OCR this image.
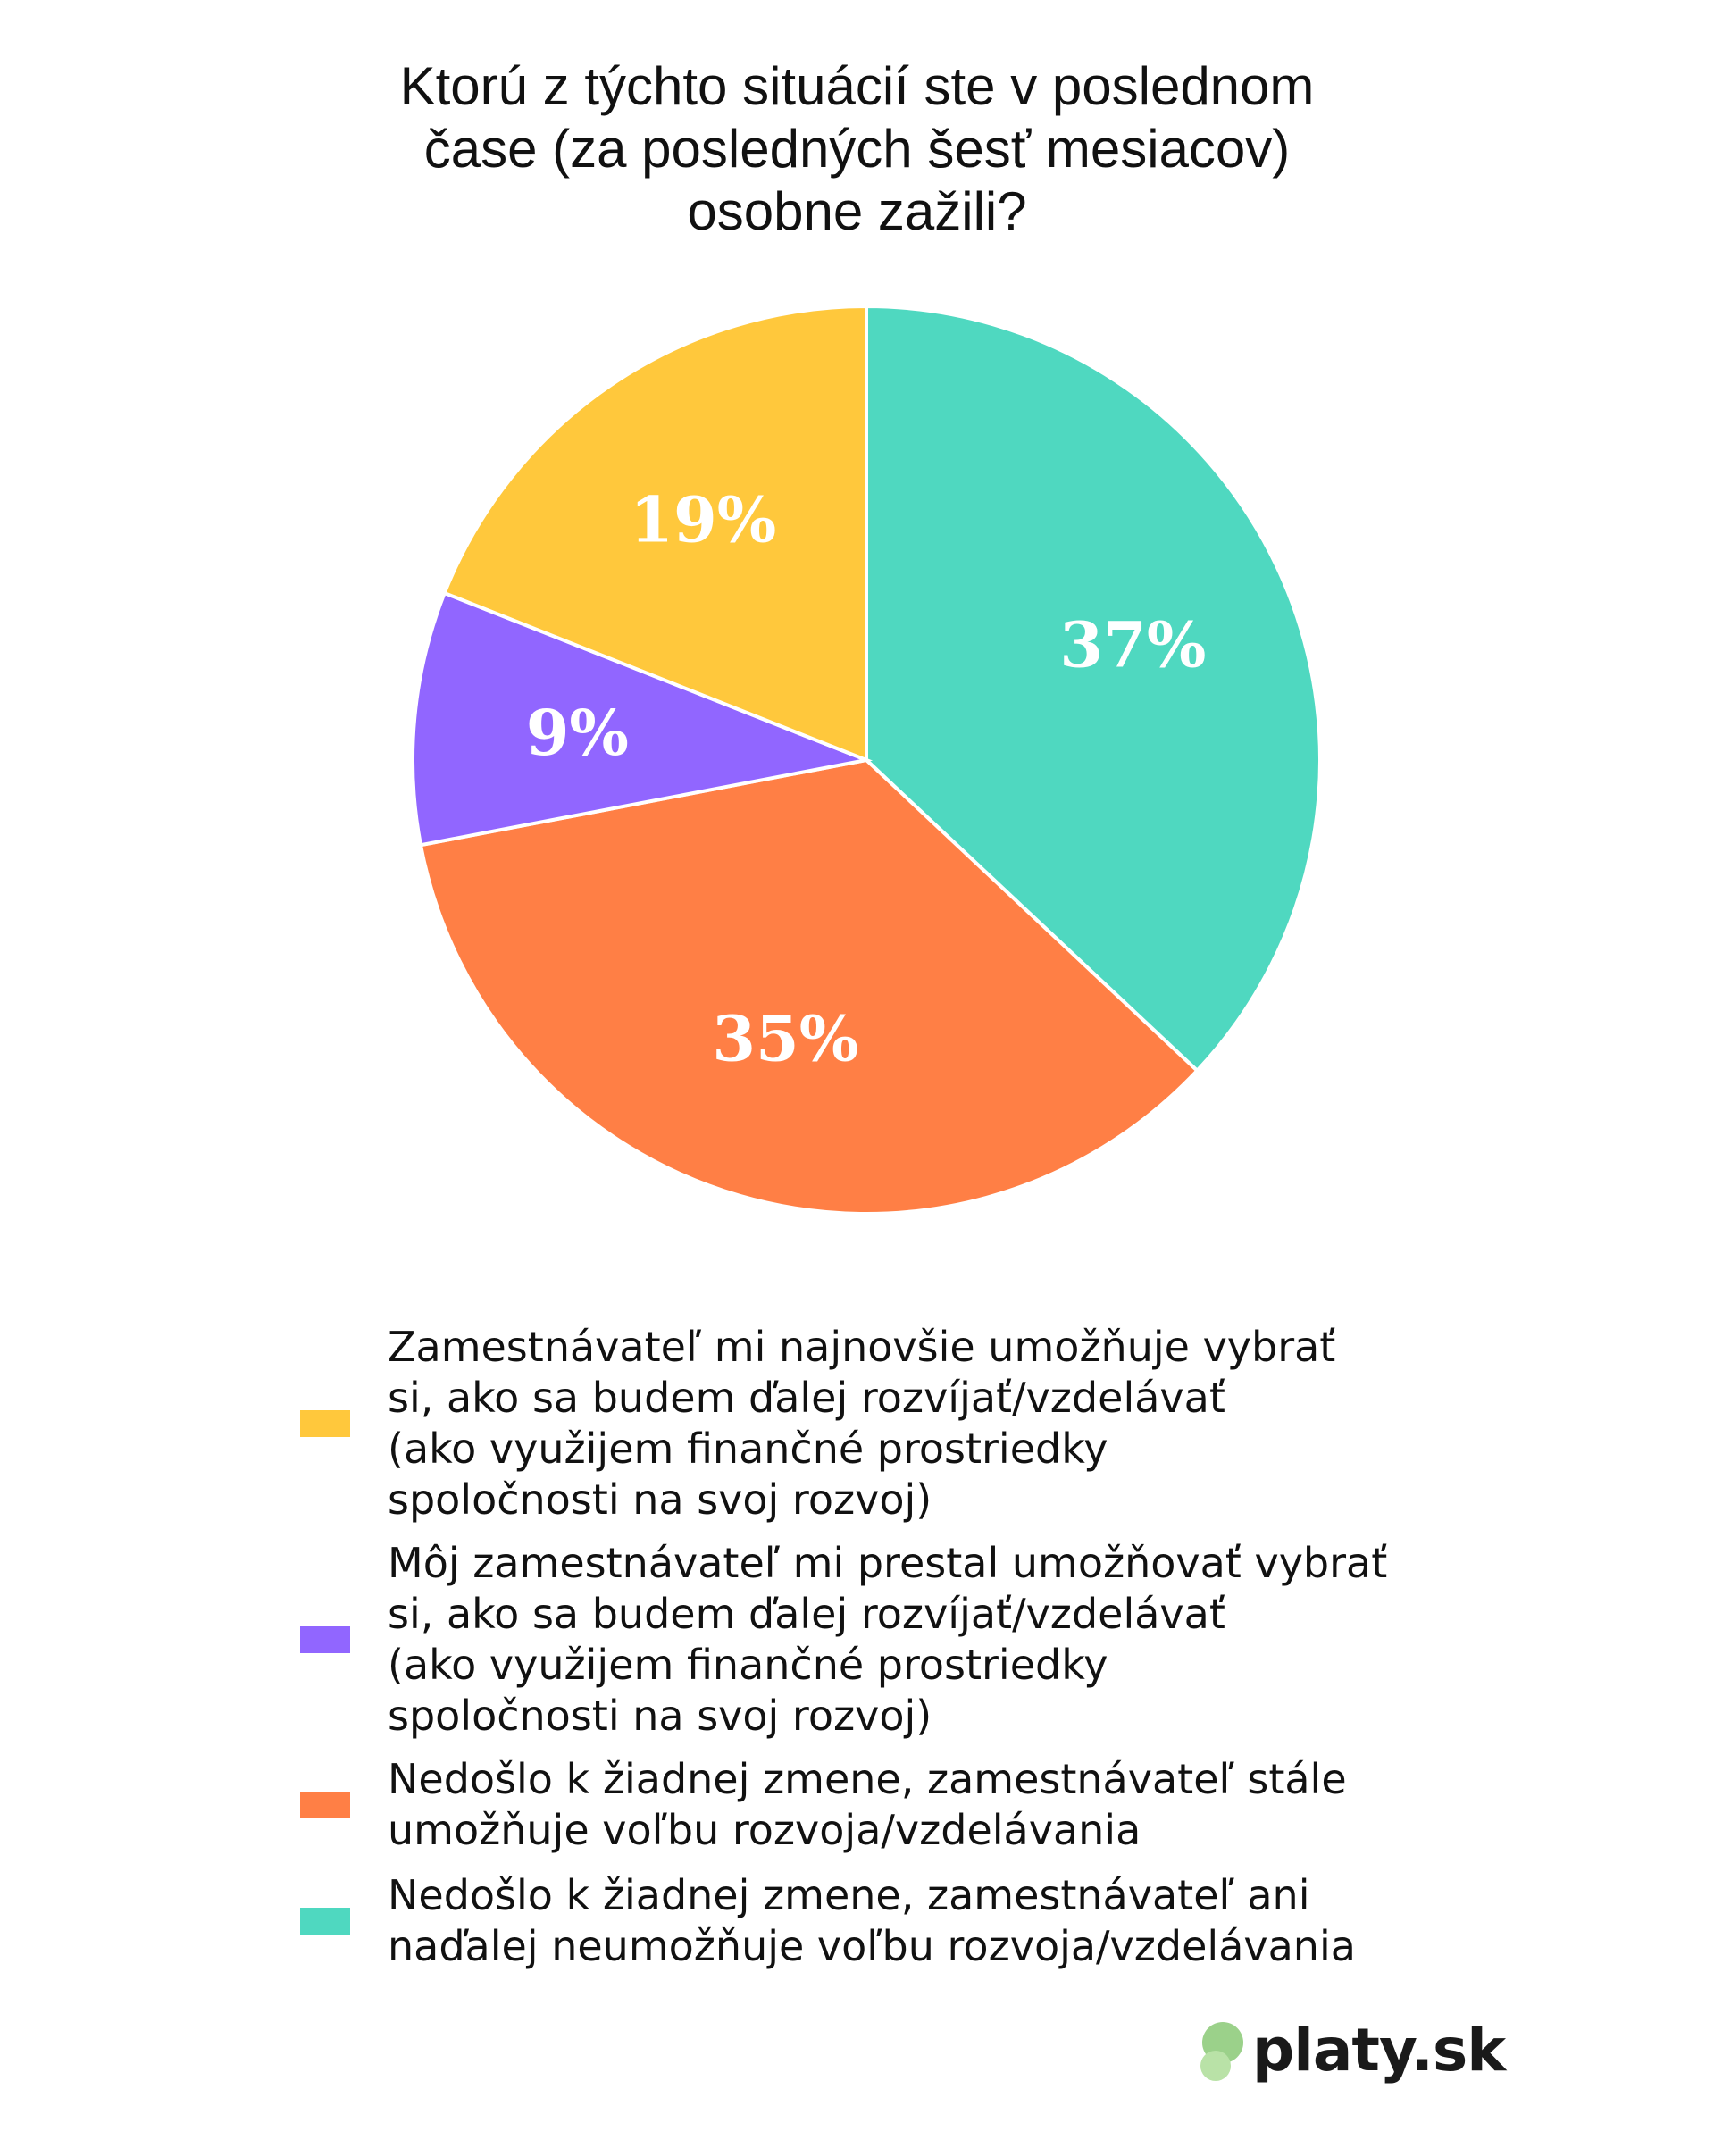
Ktorú z týchto situácií ste v poslednom
čase (za posledných šesť mesiacov)
osobne zažili?
37%
35%
9%
19%
Zamestnávateľ mi najnovšie umožňuje vybrať
si, ako sa budem ďalej rozvíjať/vzdelávať
(ako využijem finančné prostriedky
spoločnosti na svoj rozvoj)
Môj zamestnávateľ mi prestal umožňovať vybrať
si, ako sa budem ďalej rozvíjať/vzdelávať
(ako využijem finančné prostriedky
spoločnosti na svoj rozvoj)
Nedošlo k žiadnej zmene, zamestnávateľ stále
umožňuje voľbu rozvoja/vzdelávania
Nedošlo k žiadnej zmene, zamestnávateľ ani
naďalej neumožňuje voľbu rozvoja/vzdelávania
platy.sk
